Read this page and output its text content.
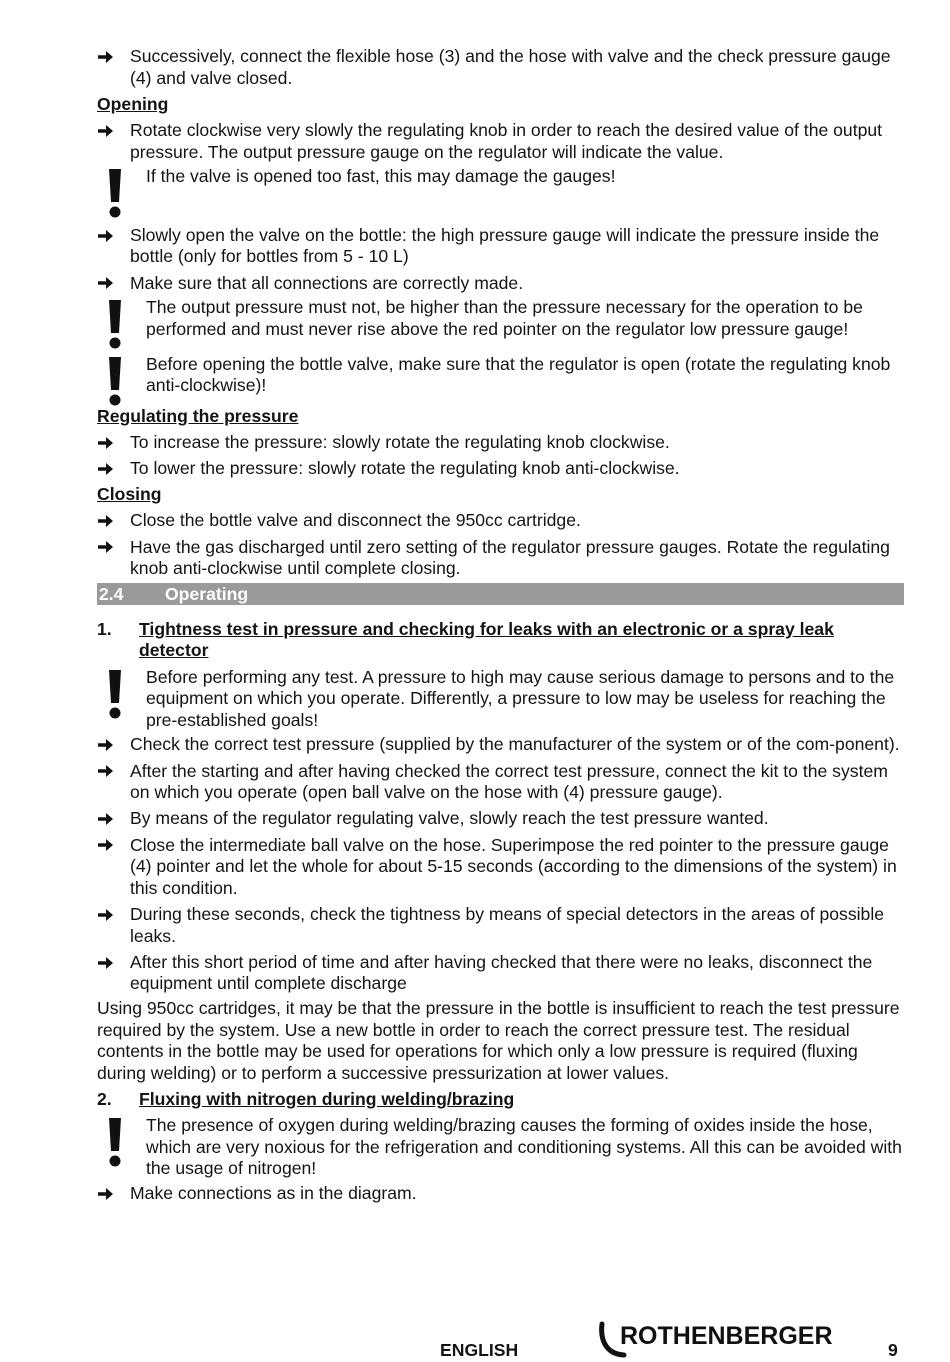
Successively, connect the flexible hose (3) and the hose with valve and the check pressure gauge (4) and valve closed.
Opening
Rotate clockwise very slowly the regulating knob in order to reach the desired value of the output pressure. The output pressure gauge on the regulator will indicate the value.
If the valve is opened too fast, this may damage the gauges!
Slowly open the valve on the bottle: the high pressure gauge will indicate the pressure inside the bottle (only for bottles from 5 - 10 L)
Make sure that all connections are correctly made.
The output pressure must not, be higher than the pressure necessary for the operation to be performed and must never rise above the red pointer on the regulator low pressure gauge!
Before opening the bottle valve, make sure that the regulator is open (rotate the regulating knob anti-clockwise)!
Regulating the pressure
To increase the pressure: slowly rotate the regulating knob clockwise.
To lower the pressure: slowly rotate the regulating knob anti-clockwise.
Closing
Close the bottle valve and disconnect the 950cc cartridge.
Have the gas discharged until zero setting of the regulator pressure gauges. Rotate the regulating knob anti-clockwise until complete closing.
2.4	Operating
1.	Tightness test in pressure and checking for leaks with an electronic or a spray leak detector
Before performing any test. A pressure to high may cause serious damage to persons and to the equipment on which you operate. Differently, a pressure to low may be useless for reaching the pre-established goals!
Check the correct test pressure (supplied by the manufacturer of the system or of the com-ponent).
After the starting and after having checked the correct test pressure, connect the kit to the system on which you operate (open ball valve on the hose with (4) pressure gauge).
By means of the regulator regulating valve, slowly reach the test pressure wanted.
Close the intermediate ball valve on the hose. Superimpose the red pointer to the pressure gauge (4) pointer and let the whole for about 5-15 seconds (according to the dimensions of the system) in this condition.
During these seconds, check the tightness by means of special detectors in the areas of possible leaks.
After this short period of time and after having checked that there were no leaks, disconnect the equipment until complete discharge
Using 950cc cartridges, it may be that the pressure in the bottle is insufficient to reach the test pressure required by the system. Use a new bottle in order to reach the correct pressure test. The residual contents in the bottle may be used for operations for which only a low pressure is required (fluxing during welding) or to perform a successive pressurization at lower values.
2.	Fluxing with nitrogen during welding/brazing
The presence of oxygen during welding/brazing causes the forming of oxides inside the hose, which are very noxious for the refrigeration and conditioning systems. All this can be avoided with the usage of nitrogen!
Make connections as in the diagram.
ENGLISH	ROTHENBERGER	9
